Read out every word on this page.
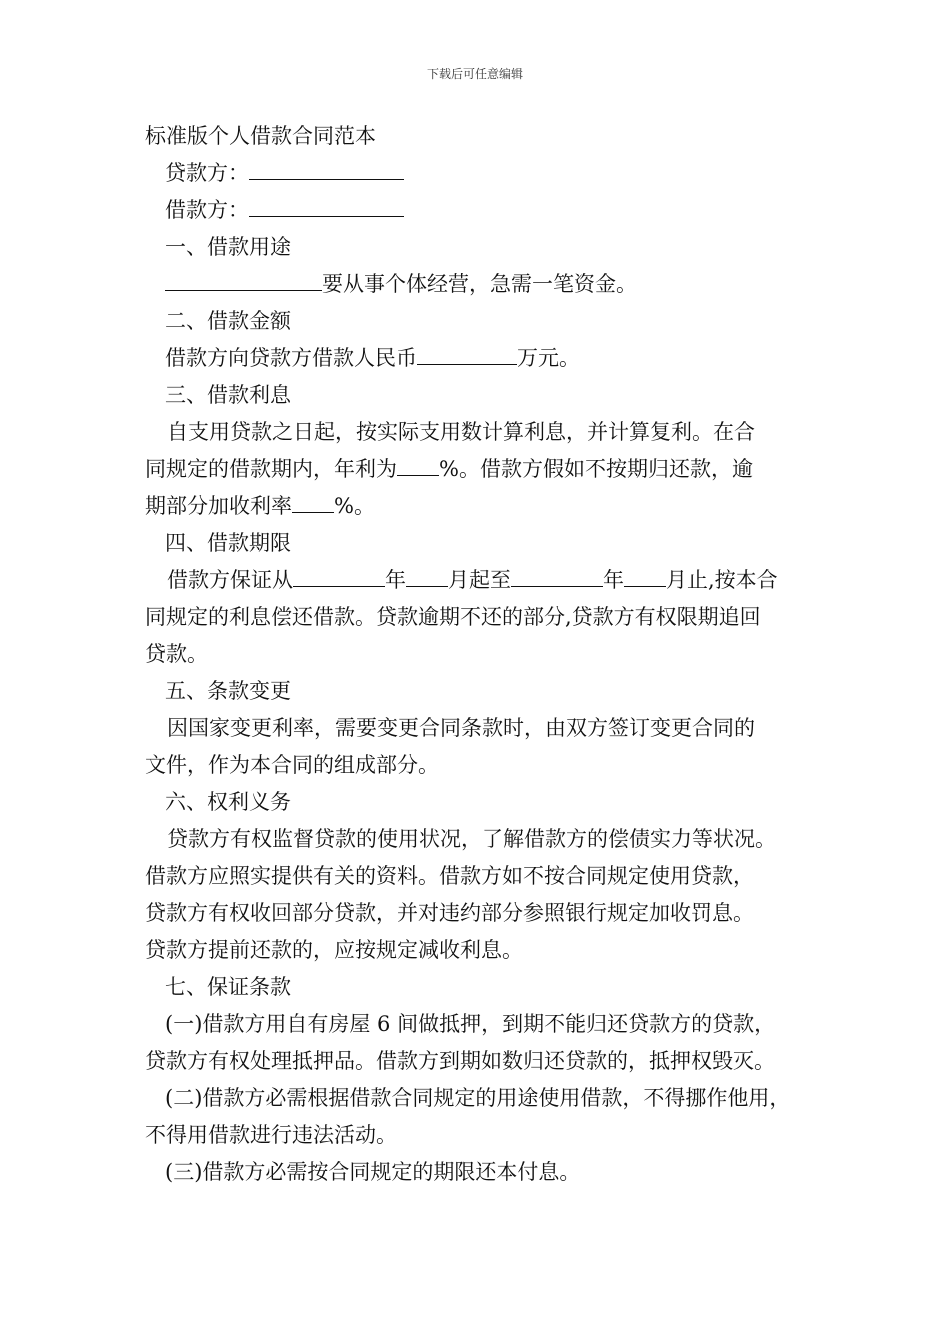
下载后可任意编辑
标准版个人借款合同范本
贷款方：
借款方：
一、借款用途
要从事个体经营，急需一笔资金。
二、借款金额
借款方向贷款方借款人民币	万元。
三、借款利息
自支用贷款之日起，按实际支用数计算利息，并计算复利。在合
同规定的借款期内，年利为 %。借款方假如不按期归还款，逾
期部分加收利率 %。
四、借款期限
借款方保证从	年 月起至	年 月止,按本合
同规定的利息偿还借款。贷款逾期不还的部分,贷款方有权限期追回
贷款。
五、条款变更
因国家变更利率，需要变更合同条款时，由双方签订变更合同的
文件，作为本合同的组成部分。
六、权利义务
贷款方有权监督贷款的使用状况，了解借款方的偿债实力等状况。
借款方应照实提供有关的资料。借款方如不按合同规定使用贷款，
贷款方有权收回部分贷款，并对违约部分参照银行规定加收罚息。
贷款方提前还款的，应按规定减收利息。
七、保证条款
(一)借款方用自有房屋 6 间做抵押，到期不能归还贷款方的贷款，
贷款方有权处理抵押品。借款方到期如数归还贷款的，抵押权毁灭。
(二)借款方必需根据借款合同规定的用途使用借款，不得挪作他用，
不得用借款进行违法活动。
(三)借款方必需按合同规定的期限还本付息。
